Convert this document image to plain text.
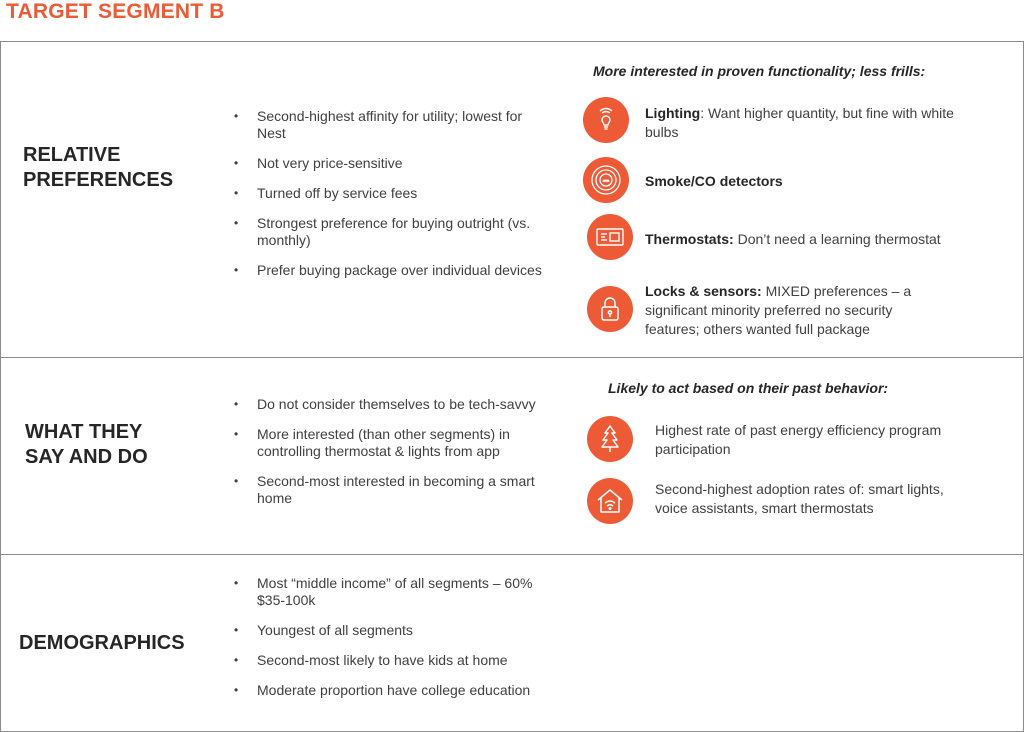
TARGET SEGMENT B

RELATIVE
PREFERENCES

• Second-highest affinity for utility; lowest for Nest
• Not very price-sensitive
• Turned off by service fees
• Strongest preference for buying outright (vs. monthly)
• Prefer buying package over individual devices

More interested in proven functionality; less frills:

Lighting: Want higher quantity, but fine with white bulbs
Smoke/CO detectors
Thermostats: Don’t need a learning thermostat
Locks & sensors: MIXED preferences – a significant minority preferred no security features; others wanted full package

WHAT THEY
SAY AND DO

• Do not consider themselves to be tech-savvy
• More interested (than other segments) in controlling thermostat & lights from app
• Second-most interested in becoming a smart home

Likely to act based on their past behavior:

Highest rate of past energy efficiency program participation
Second-highest adoption rates of: smart lights, voice assistants, smart thermostats

DEMOGRAPHICS

• Most “middle income” of all segments – 60% $35-100k
• Youngest of all segments
• Second-most likely to have kids at home
• Moderate proportion have college education
